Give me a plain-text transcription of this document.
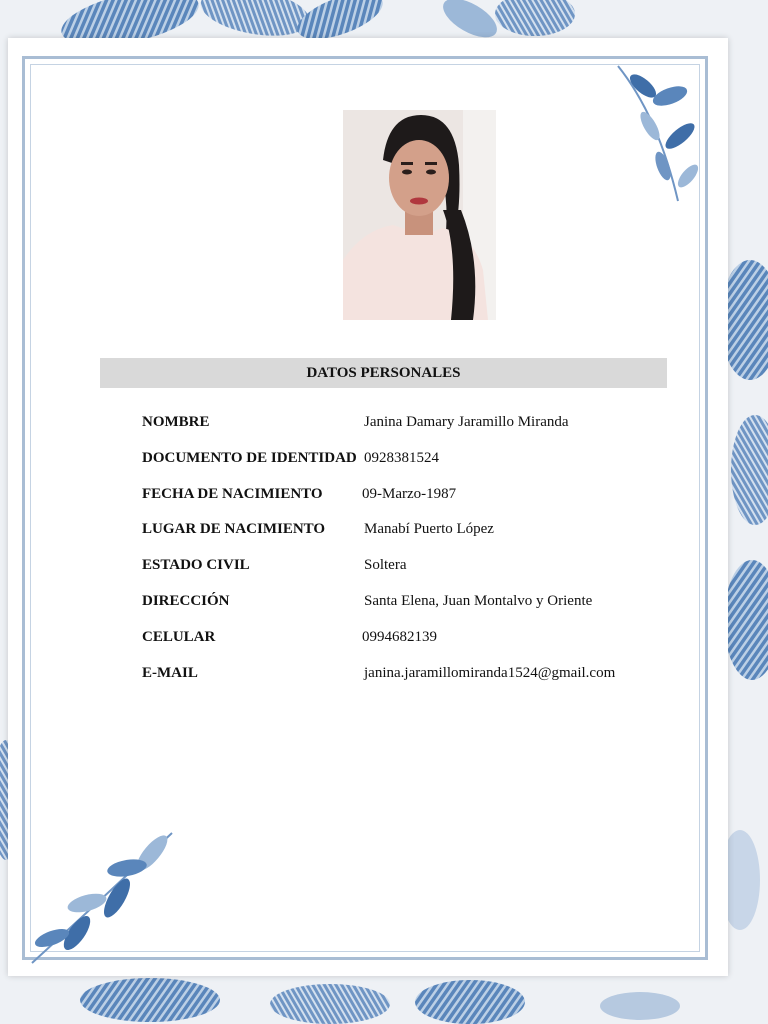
DATOS PERSONALES
NOMBRE	Janina Damary Jaramillo Miranda
DOCUMENTO DE IDENTIDAD 0928381524
FECHA DE NACIMIENTO	09-Marzo-1987
LUGAR DE NACIMIENTO	Manabí Puerto López
ESTADO CIVIL	Soltera
DIRECCIÓN	Santa Elena, Juan Montalvo y Oriente
CELULAR	0994682139
E-MAIL	janina.jaramillomiranda1524@gmail.com
